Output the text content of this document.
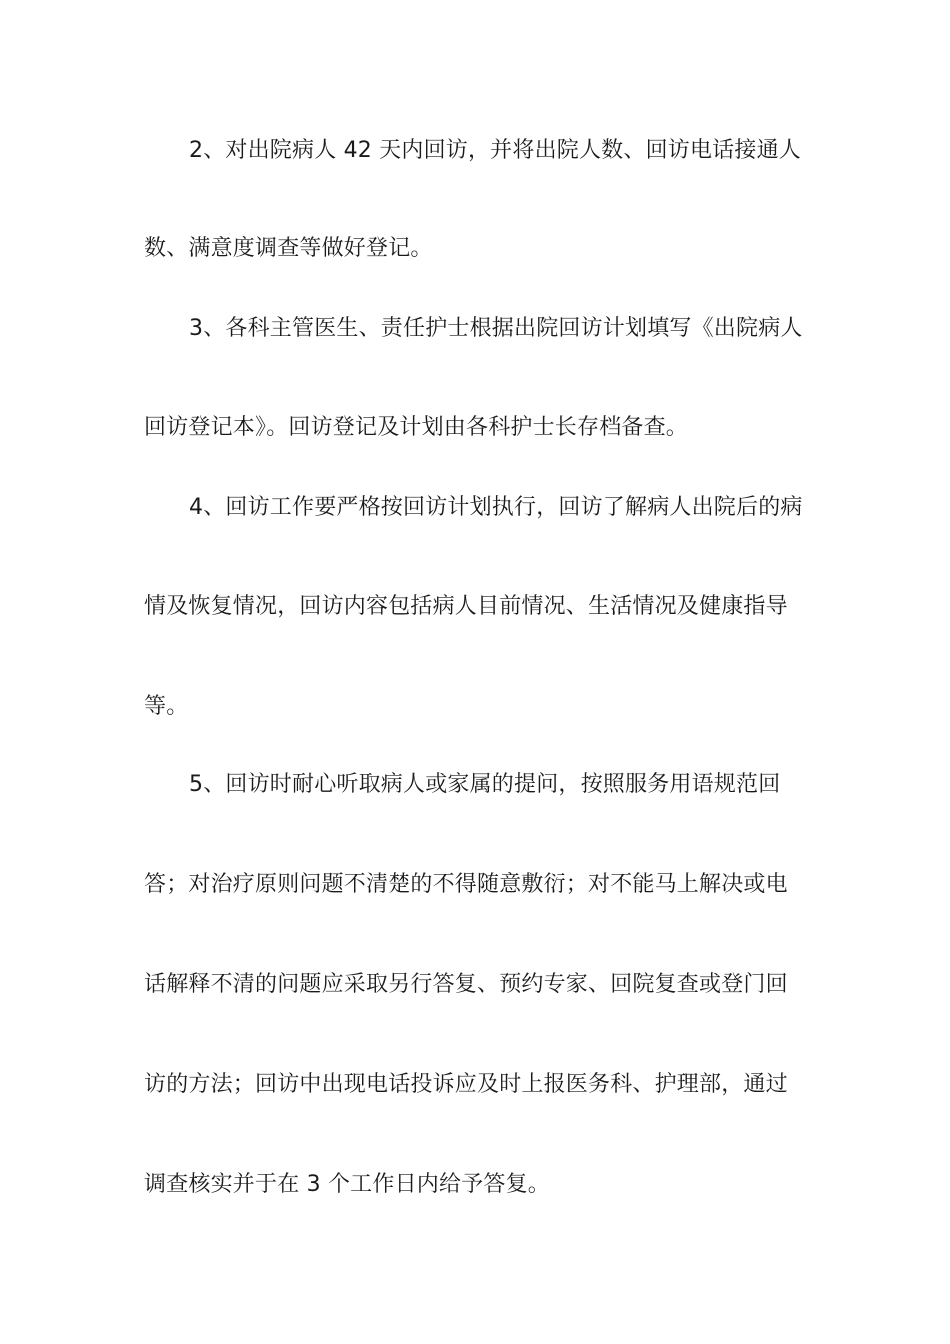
2、对出院病人 42 天内回访，并将出院人数、回访电话接通人
数、满意度调查等做好登记。
3、各科主管医生、责任护士根据出院回访计划填写《出院病人
回访登记本》。回访登记及计划由各科护士长存档备查。
4、回访工作要严格按回访计划执行，回访了解病人出院后的病
情及恢复情况，回访内容包括病人目前情况、生活情况及健康指导
等。
5、回访时耐心听取病人或家属的提问，按照服务用语规范回
答；对治疗原则问题不清楚的不得随意敷衍；对不能马上解决或电
话解释不清的问题应采取另行答复、预约专家、回院复查或登门回
访的方法；回访中出现电话投诉应及时上报医务科、护理部，通过
调查核实并于在 3 个工作日内给予答复。
